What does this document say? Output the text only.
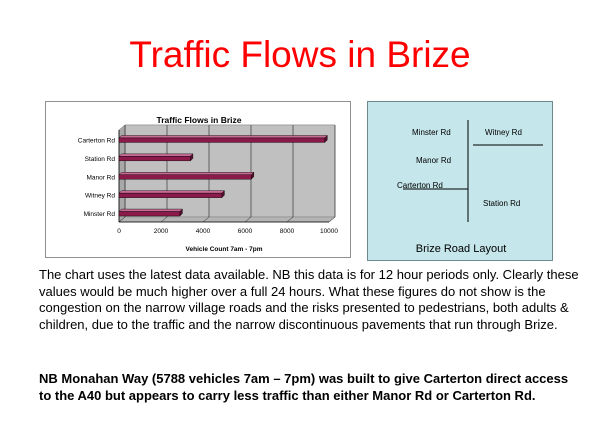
Traffic Flows in Brize
Traffic Flows in Brize
0	2000	4000	6000	8000	10000
Carterton Rd
Station Rd
Manor Rd
Witney Rd
Minster Rd
Vehicle Count 7am - 7pm
Minster Rd	Witney Rd
Manor Rd
Carterton Rd
Station Rd
Brize Road Layout

The chart uses the latest data available. NB this data is for 12 hour periods only. Clearly these values would be much higher over a full 24 hours. What these figures do not show is the congestion on the narrow village roads and the risks presented to pedestrians, both adults & children, due to the traffic and the narrow discontinuous pavements that run through Brize.

NB Monahan Way (5788 vehicles 7am – 7pm) was built to give Carterton direct access to the A40 but appears to carry less traffic than either Manor Rd or Carterton Rd.
